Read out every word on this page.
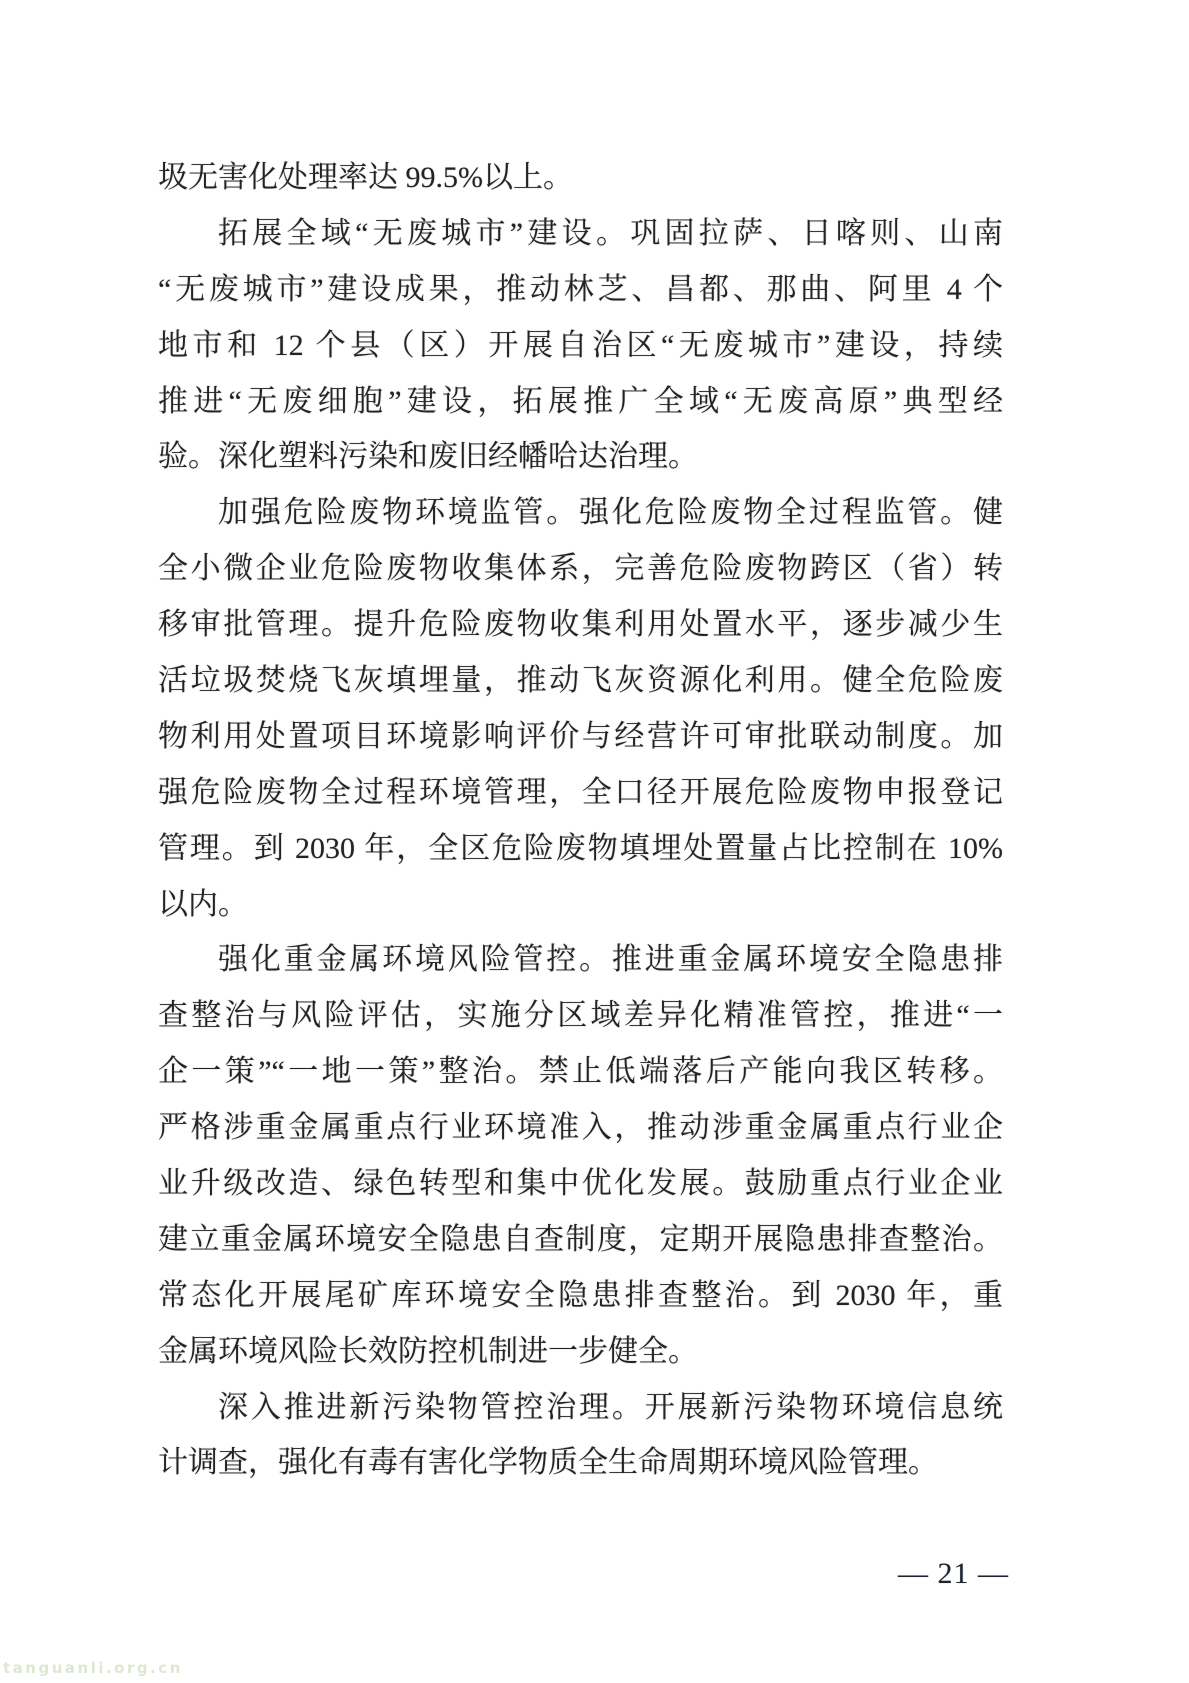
圾无害化处理率达 99.5%以上。
拓展全域“无废城市”建设。巩固拉萨、日喀则、山南
“无废城市”建设成果，推动林芝、昌都、那曲、阿里 4 个
地市和 12 个县（区）开展自治区“无废城市”建设，持续
推进“无废细胞”建设，拓展推广全域“无废高原”典型经
验。深化塑料污染和废旧经幡哈达治理。
加强危险废物环境监管。强化危险废物全过程监管。健
全小微企业危险废物收集体系，完善危险废物跨区（省）转
移审批管理。提升危险废物收集利用处置水平，逐步减少生
活垃圾焚烧飞灰填埋量，推动飞灰资源化利用。健全危险废
物利用处置项目环境影响评价与经营许可审批联动制度。加
强危险废物全过程环境管理，全口径开展危险废物申报登记
管理。到 2030 年，全区危险废物填埋处置量占比控制在 10%
以内。
强化重金属环境风险管控。推进重金属环境安全隐患排
查整治与风险评估，实施分区域差异化精准管控，推进“一
企一策”“一地一策”整治。禁止低端落后产能向我区转移。
严格涉重金属重点行业环境准入，推动涉重金属重点行业企
业升级改造、绿色转型和集中优化发展。鼓励重点行业企业
建立重金属环境安全隐患自查制度，定期开展隐患排查整治。
常态化开展尾矿库环境安全隐患排查整治。到 2030 年，重
金属环境风险长效防控机制进一步健全。
深入推进新污染物管控治理。开展新污染物环境信息统
计调查，强化有毒有害化学物质全生命周期环境风险管理。
— 21 —
tanguanli.org.cn
